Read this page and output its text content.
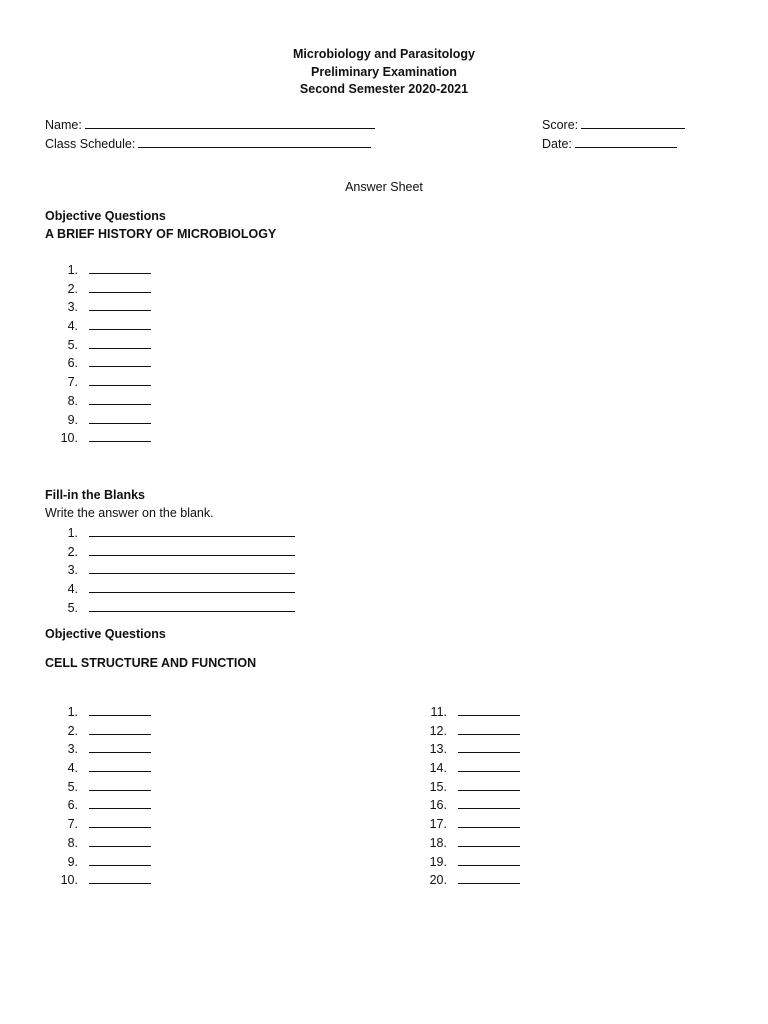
Microbiology and Parasitology
Preliminary Examination
Second Semester 2020-2021
Name:
Class Schedule:
Score:
Date:
Answer Sheet
Objective Questions
A BRIEF HISTORY OF MICROBIOLOGY
1.
2.
3.
4.
5.
6.
7.
8.
9.
10.
Fill-in the Blanks
Write the answer on the blank.
1.
2.
3.
4.
5.
Objective Questions
CELL STRUCTURE AND FUNCTION
1.
2.
3.
4.
5.
6.
7.
8.
9.
10.
11.
12.
13.
14.
15.
16.
17.
18.
19.
20.
